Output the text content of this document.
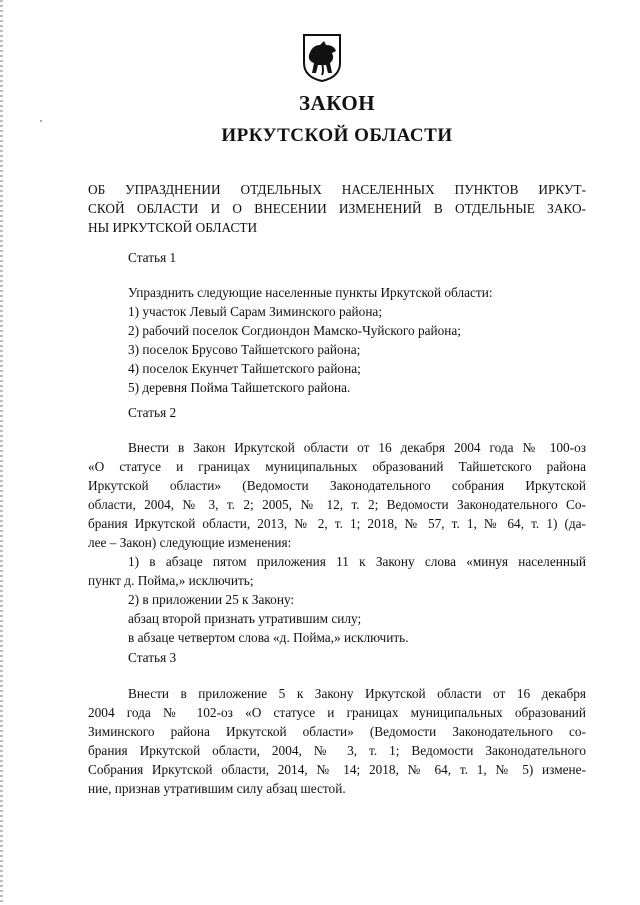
ЗАКОН
ИРКУТСКОЙ ОБЛАСТИ
ОБ УПРАЗДНЕНИИ ОТДЕЛЬНЫХ НАСЕЛЕННЫХ ПУНКТОВ ИРКУТ-
СКОЙ ОБЛАСТИ И О ВНЕСЕНИИ ИЗМЕНЕНИЙ В ОТДЕЛЬНЫЕ ЗАКО-
НЫ ИРКУТСКОЙ ОБЛАСТИ
Статья 1
Упразднить следующие населенные пункты Иркутской области:
1) участок Левый Сарам Зиминского района;
2) рабочий поселок Согдиондон Мамско-Чуйского района;
3) поселок Брусово Тайшетского района;
4) поселок Екунчет Тайшетского района;
5) деревня Пойма Тайшетского района.
Статья 2
Внести в Закон Иркутской области от 16 декабря 2004 года № 100-оз
«О статусе и границах муниципальных образований Тайшетского района
Иркутской области» (Ведомости Законодательного собрания Иркутской
области, 2004, № 3, т. 2; 2005, № 12, т. 2; Ведомости Законодательного Со-
брания Иркутской области, 2013, № 2, т. 1; 2018, № 57, т. 1, № 64, т. 1) (да-
лее – Закон) следующие изменения:
1) в абзаце пятом приложения 11 к Закону слова «минуя населенный
пункт д. Пойма,» исключить;
2) в приложении 25 к Закону:
абзац второй признать утратившим силу;
в абзаце четвертом слова «д. Пойма,» исключить.
Статья 3
Внести в приложение 5 к Закону Иркутской области от 16 декабря
2004 года № 102-оз «О статусе и границах муниципальных образований
Зиминского района Иркутской области» (Ведомости Законодательного со-
брания Иркутской области, 2004, № 3, т. 1; Ведомости Законодательного
Собрания Иркутской области, 2014, № 14; 2018, № 64, т. 1, № 5) измене-
ние, признав утратившим силу абзац шестой.
